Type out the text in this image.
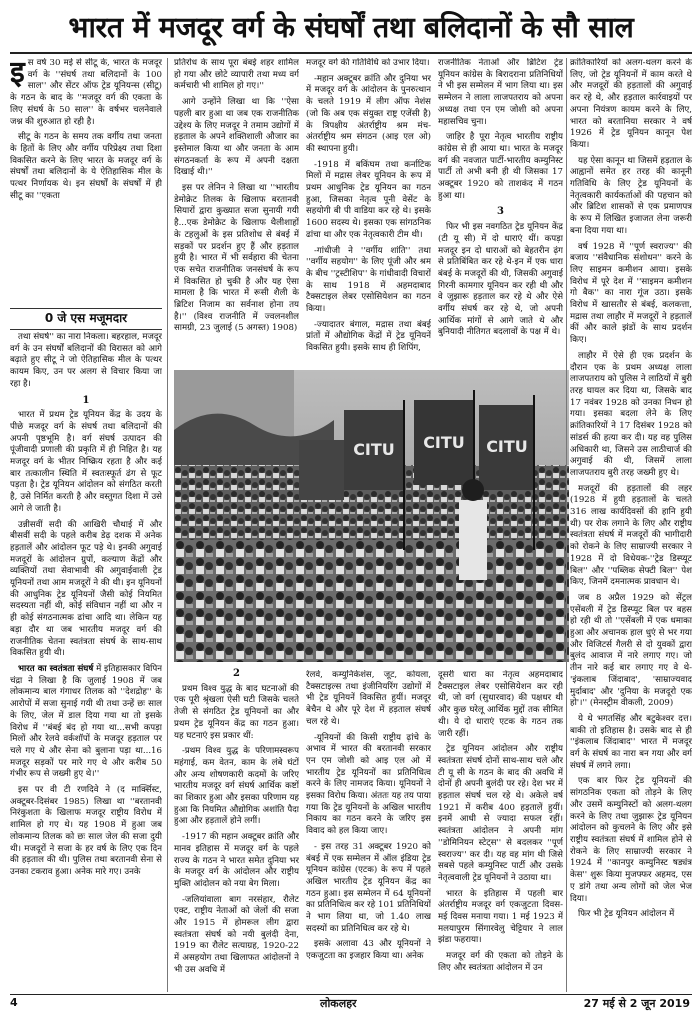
भारत में मजदूर वर्ग के संघर्षों तथा बलिदानों के सौ साल

इस वर्ष 30 मई से सीटू के, भारत के मजदूर वर्ग के ''संघर्ष तथा बलिदानों के 100 साल'' और सेंटर ऑफ ट्रेड यूनियन्स (सीटू) के गठन के बाद के ''मजदूर वर्ग की एकता के लिए संघर्ष के 50 साल'' के वर्षभर चलनेवाले जश्न की शुरुआत हो रही है।

सीटू के गठन के समय तक वर्गीय तथा जनता के हितों के लिए और वर्गीय परिप्रेक्ष्य तथा दिशा विकसित करने के लिए भारत के मजदूर वर्ग के संघर्षों तथा बलिदानों के ये ऐतिहासिक मील के पत्थर निर्णायक थे। इन संघर्षों के संघर्षों में ही सीटू का ''एकता

0 जे एस मजूमदार

तथा संघर्ष'' का नारा निकला। बहरहाल, मजदूर वर्ग के उन संघर्षों बलिदानों की विरासत को आगे बढ़ाते हुए सीटू ने जो ऐतिहासिक मील के पत्थर कायम किए, उन पर अलग से विचार किया जा रहा है।

1

भारत में प्रथम ट्रेड यूनियन केंद्र के उदय के पीछे मजदूर वर्ग के संघर्ष तथा बलिदानों की अपनी पृष्ठभूमि है। वर्ग संघर्ष उत्पादन की पूंजीवादी प्रणाली की प्रकृति में ही निहित है। यह मजदूर वर्ग के भीतर निष्क्रिय रहता है और कई बार तत्कालीन स्थिति में स्वतःस्फूर्त ढंग से फूट पड़ता है। ट्रेड यूनियन आंदोलन को संगठित करती है, उसे निर्मित करती है और वस्तुगत दिशा में उसे आगे ले जाती है।

उन्नीसवीं सदी की आखिरी चौथाई में और बीसवीं सदी के पहले करीब डेढ़ दशक में अनेक हड़तालें और आंदोलन फूट पड़े थे। इनकी अगुवाई मजदूरों के आंदोलन ग्रुपों, कल्याण केंद्रों और व्यक्तियों तथा सेवाभावी की अगुवाईवाली ट्रेड यूनियनों तथा आम मजदूरों ने की थी। इन यूनियनों की आधुनिक ट्रेड यूनियनों जैसी कोई नियमित सदस्यता नहीं थी, कोई संविधान नहीं था और न ही कोई संगठनात्मक ढांचा आदि था। लेकिन यह बड़ा दौर था जब भारतीय मजदूर वर्ग की राजनीतिक चेतना स्वतंत्रता संघर्ष के साथ-साथ विकसित हुयी थी।

भारत का स्वतंत्रता संघर्ष में इतिहासकार विपिन चंद्रा ने लिखा है कि जुलाई 1908 में जब लोकमान्य बाल गंगाधर तिलक को ''देशद्रोह'' के आरोपों में सजा सुनाई गयी थी तथा उन्हें छः साल के लिए, जेल में डाल दिया गया था तो इसके विरोध में ''बंबई बंद हो गया था...सभी कपड़ा मिलों और रेलवे वर्कशॉपों के मजदूर हड़ताल पर चले गए थे और सेना को बुलाना पड़ा था...16 मजदूर सड़कों पर मारे गए थे और करीब 50 गंभीर रूप से जख्मी हुए थे।''

इस पर वी टी रणदिवे ने (द मार्क्सिस्ट, अक्टूबर-दिसंबर 1985) लिखा था ''बरतानवी निरंकुशता के खिलाफ मजदूर राष्ट्रीय विरोध में शामिल हो गए थे। यह 1908 में हुआ जब लोकमान्य तिलक को छः साल जेल की सजा दुयी थी। मजदूरों ने सजा के हर वर्ष के लिए एक दिन की हड़ताल की थी। पुलिस तथा बरतानवी सेना से उनका टकराव हुआ। अनेक मारे गए। उनके

प्रतिरोध के साथ पूरा बंबई शहर शामिल हो गया और छोटे व्यापारी तथा मध्य वर्ग कर्मचारी भी शामिल हो गए।''

आगे उन्होंने लिखा था कि ''ऐसा पहली बार हुआ था जब एक राजनीतिक उद्देश्य के लिए मजदूर ने तमाम उद्योगों में हड़ताल के अपने शक्तिशाली औजार का इस्तेमाल किया था और जनता के आम संगठनकर्ता के रूप में अपनी दक्षता दिखाई थी।''

इस पर लेनिन ने लिखा था ''भारतीय डेमोक्रेट तिलक के खिलाफ बरतानवी सियारों द्वारा कुख्यात सजा सुनायी गयी है...एक डेमोक्रेट के खिलाफ थैलीशाहों के टहलुओं के इस प्रतिशोध से बंबई में सड़कों पर प्रदर्शन हुए हैं और हड़ताल हुयी है। भारत में भी सर्वहारा की चेतना एक सचेत राजनीतिक जनसंघर्ष के रूप में विकसित हो चुकी है और यह ऐसा मामला है कि भारत में रूसी शैली के ब्रिटिश निजाम का सर्वनाश होना तय है।'' (विश्व राजनीति में ज्वलनशील सामग्री, 23 जुलाई (5 अगस्त) 1908)

मजदूर वर्ग की गतिविधि को उभार दिया।

-महान अक्टूबर क्रांति और दुनिया भर में मजदूर वर्ग के आंदोलन के पुनरुत्थान के चलते 1919 में लीग ऑफ नेशंस (जो कि अब एक संयुक्त राष्ट्र एजेंसी है) के त्रिपक्षीय अंतर्राष्ट्रीय श्रम मंच-अंतर्राष्ट्रीय श्रम संगठन (आइ एल ओ) की स्थापना हुयी।

-1918 में बकिंघम तथा कर्नाटिक मिलों में मद्रास लेबर यूनियन के रूप में प्रथम आधुनिक ट्रेड यूनियन का गठन हुआ, जिसका नेतृत्व पूनी वेसेंट के सहयोगी बी पी वाडिया कर रहे थे। इसके 1600 सदस्य थे। इसका एक सांगठनिक ढांचा था और एक नेतृत्वकारी टीम थी।

-गांधीजी ने ''वर्गीय शांति'' तथा ''वर्गीय सहयोग'' के लिए पूंजी और श्रम के बीच ''ट्रस्टीशिप'' के गांधीवादी विचारों के साथ 1918 में अहमदाबाद टैक्सटाइल लेबर एसोसियेशन का गठन किया।

-ज्यादातर बंगाल, मद्रास तथा बंबई प्रांतों में औद्योगिक केंद्रों में ट्रेड यूनियनें विकसित हुयी। इसके साथ ही शिपिंग,

राजनीतिक नेताओं और ब्रिटिश ट्रेड यूनियन कांग्रेस के बिरादराना प्रतिनिधियों ने भी इस सम्मेलन में भाग लिया था। इस सम्मेलन ने लाला लाजपतराय को अपना अध्यक्ष तथा एन एम जोशी को अपना महासचिव चुना।

जाहिर है पूरा नेतृत्व भारतीय राष्ट्रीय कांग्रेस से ही आया था। भारत के मजदूर वर्ग की नवजात पार्टी-भारतीय कम्युनिस्ट पार्टी तो अभी बनी ही थी जिसका 17 अक्टूबर 1920 को ताशकंद में गठन हुआ था।

3

फिर भी इस नवगठित ट्रेड यूनियन केंद्र (टी यू सी) में दो धाराएं थीं। कपड़ा मजदूर इन दो धाराओं को बेहतरीन ढ़ंग से प्रतिबिंबित कर रहे थे-इन में एक धारा बंबई के मजदूरों की थी, जिसकी अगुवाई गिरनी कामगार यूनियन कर रही थी और वे जुझारू हड़ताल कर रहे थे और ऐसे वर्गीय संघर्ष कर रहे थे, जो अपनी आर्थिक मांगों से आगे जाते थे और बुनियादी नीतिगत बदलावों के पक्ष में थे।

क्रांतिकारियों को अलग-थलग करने के लिए, जो ट्रेड यूनियनों में काम करते थे और मजदूरों की हड़तालों की अगुवाई कर रहे थे, और हड़ताल कार्रवाइयों पर अपना नियंत्रण कायम करने के लिए, भारत को बरतानिया सरकार ने वर्ष 1926 में ट्रेड यूनियन कानून पेश किया।

यह ऐसा कानून था जिसमें हड़ताल के आह्वानों समेत हर तरह की कानूनी गतिविधि के लिए ट्रेड यूनियनों के नेतृत्वकारी कार्यकर्ताओं की पहचान को और ब्रिटिश शासकों से एक प्रमाणपत्र के रूप में लिखित इजाजत लेना जरूरी बना दिया गया था।

वर्ष 1928 में ''पूर्ण स्वराज्य'' की बजाय ''संवैधानिक संशोधन'' करने के लिए साइमन कमीशन आया। इसके विरोध में पूरे देश में ''साइमन कमीशन गो बैक'' का नारा गूंज उठा। इसके विरोध में खासतौर से बंबई, कलकत्ता, मद्रास तथा लाहौर में मजदूरों ने हड़तालें कीं और काले झंडों के साथ प्रदर्शन किए।

लाहौर में ऐसे ही एक प्रदर्शन के दौरान एक के प्रथम अध्यक्ष लाला लाजपतराय को पुलिस ने लाठियों में बुरी तरह घायल कर दिया था, जिसके बाद 17 नवंबर 1928 को उनका निधन हो गया। इसका बदला लेने के लिए क्रांतिकारियों ने 17 दिसंबर 1928 को सांडर्स की हत्या कर दी। यह वह पुलिस अधिकारी था, जिसने उस लाठीचार्ज की अगुवाई की थी, जिसमें लाला लाजपतराय बुरी तरह जख्मी हुए थे।

मजदूरों की हड़तालों की लहर (1928 में हुयी हड़तालों के चलते 316 लाख कार्यदिवसों की हानि हुयी थी) पर रोक लगाने के लिए और राष्ट्रीय स्वतंत्रता संघर्ष में मजदूरों की भागीदारी को रोकने के लिए साम्राज्यी सरकार ने 1928 में दो विधेयक-''ट्रेड डिस्प्यूट बिल'' और ''पब्लिक सेफ्टी बिल'' पेश किए, जिनमें दमनात्मक प्रावधान थे।

जब 8 अप्रैल 1929 को सेंट्रल एसेंबली में ट्रेड डिस्प्यूट बिल पर बहस हो रही थी तो ''एसेंबली में एक धमाका हुआ और अचानक हाल धुएं से भर गया और विजिटर्स गैलरी से दो युवकों द्वारा बुलंद आवाज में नारे लगाए गए। जो तीन नारे कई बार लगाए गए वे थे-'इंकलाब जिंदाबाद', 'साम्राज्यवाद मुर्दाबाद' और 'दुनिया के मजदूरो एक हो'।'' (मेनस्ट्रीम वीकली, 2009)

ये थे भगतसिंह और बटुकेश्वर दत्त। बाकी तो इतिहास है। उसके बाद से ही ''इंकलाब जिंदाबाद'' भारत में मजदूर वर्ग के संघर्ष का नारा बन गया और वर्ग संघर्ष में लगने लगा।

एक बार फिर ट्रेड यूनियनों की सांगठनिक एकता को तोड़ने के लिए और उसमें कम्युनिस्टों को अलग-थलग करने के लिए तथा जुझारू ट्रेड यूनियन आंदोलन को कुचलने के लिए और इसे राष्ट्रीय स्वतंत्रता संघर्ष में शामिल होने से रोकने के लिए साम्राज्यी सरकार ने 1924 में ''कानपुर कम्युनिस्ट षड्यंत्र केस'' शुरू किया मुजफ्फर अहमद, एस ए डांगे तथा अन्य लोगों को जेल भेज दिया।

फिर भी ट्रेड यूनियन आंदोलन में

CITU CITU CITU

2

प्रथम विश्व युद्ध के बाद घटनाओं की एक पूरी श्रृंखला ऐसी घटी जिसके चलते तेजी से संगठित ट्रेड यूनियनों का और प्रथम ट्रेड यूनियन केंद्र का गठन हुआ। यह घटनाएं इस प्रकार थीं:

-प्रथम विश्व युद्ध के परिणामस्वरूप महंगाई, कम वेतन, काम के लंबे घंटों और अन्य शोषणकारी कदमों के जरिए भारतीय मजदूर वर्ग संघर्ष आर्थिक कष्टों का शिकार हुआ और इसका परिणाम यह हुआ कि नियमित औद्योगिक अशांति पैदा हुआ और हड़तालें होने लगीं।

-1917 की महान अक्टूबर क्रांति और मानव इतिहास में मजदूर वर्ग के पहले राज्य के गठन ने भारत समेत दुनिया भर के मजदूर वर्ग के आंदोलन और राष्ट्रीय मुक्ति आंदोलन को नया बेग मिला।

-जलियांवाला बाग नरसंहार, रौलेट एक्ट, राष्ट्रीय नेताओं को जेलों की सजा और 1915 में होमरूल लीग द्वारा स्वतंत्रता संघर्ष को नयी बुलंदी देना, 1919 का रौलेट सत्याग्रह, 1920-22 में असहयोग तथा खिलाफत आंदोलनों ने भी उस अवधि में

रेलवे, कम्युनिकेशंस, जूट, कोयला, टैक्सटाइल्स तथा इंजीनियरिंग उद्योगों में भी ट्रेड यूनियनें विकसित हुयीं। मजदूर बेचैन थे और पूरे देश में हड़ताल संघर्ष चल रहे थे।

-यूनियनों की किसी राष्ट्रीय ढ़ांचे के अभाव में भारत की बरतानवी सरकार एन एम जोशी को आइ एल ओ में भारतीय ट्रेड यूनियनों का प्रतिनिधित्व करने के लिए नामजद किया। यूनियनों ने इसका विरोध किया। अंततः यह तय पाया गया कि ट्रेड यूनियनों के अखिल भारतीय निकाय का गठन करने के जरिए इस विवाद को हल किया जाए।

- इस तरह 31 अक्टूबर 1920 को बंबई में एक सम्मेलन में ऑल इंडिया ट्रेड यूनियन कांग्रेस (एटक) के रूप में पहले अखिल भारतीय ट्रेड यूनियन केंद्र का गठन हुआ। इस सम्मेलन में 64 यूनियनों का प्रतिनिधित्व कर रहे 101 प्रतिनिधियों ने भाग लिया था, जो 1.40 लाख सदस्यों का प्रतिनिधित्व कर रहे थे।

इसके अलावा 43 और यूनियनों ने एकजुटता का इजहार किया था। अनेक

दूसरी धारा का नेतृत्व अहमदाबाद टैक्सटाइल लेबर एसोसियेशन कर रही थी, जो वर्ग (सुधारवाद) की पक्षधर थी और कुछ घरेलू आर्थिक मुद्दों तक सीमित थी। ये दो धाराएं एटक के गठन तक जारी रहीं।

ट्रेड यूनियन आंदोलन और राष्ट्रीय स्वतंत्रता संघर्ष दोनों साथ-साथ चले और टी यू सी के गठन के बाद की अवधि में दोनों ही अपनी बुलंदी पर रहे। देश भर में हड़ताल संघर्ष चल रहे थे। अकेले वर्ष 1921 में करीब 400 हड़तालें हुयीं। इनमें आधी से ज्यादा सफल रहीं। स्वतंत्रता आंदोलन ने अपनी मांग ''डोमिनियन स्टेट्स'' से बदलकर ''पूर्ण स्वराज्य'' कर दी। यह वह मांग थी जिसे सबसे पहले कम्युनिस्ट पार्टी और उसके नेतृत्ववाली ट्रेड यूनियनों ने उठाया था।

भारत के इतिहास में पहली बार अंतर्राष्ट्रीय मजदूर वर्ग एकजुटता दिवस-मई दिवस मनाया गया। 1 मई 1923 में मलयापुरम सिंगारवेलु चेट्टियार ने लाल झंडा फहराया।

मजदूर वर्ग की एकता को तोड़ने के लिए और स्वतंत्रता आंदोलन में उन

4	लोकलहर	27 मई से 2 जून 2019
